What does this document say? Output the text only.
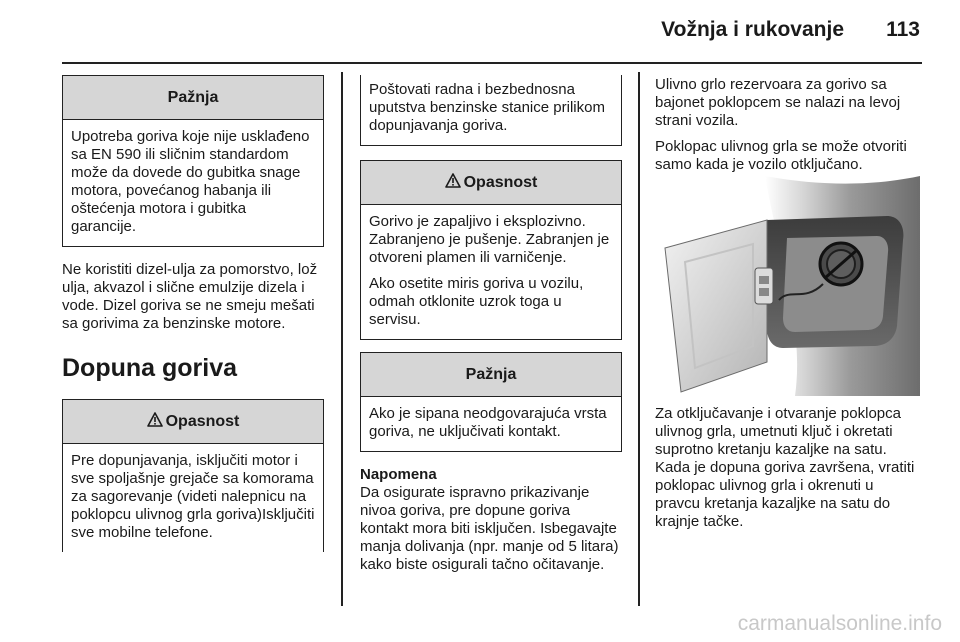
Vožnja i rukovanje 113
Pažnja

Upotreba goriva koje nije usklađeno sa EN 590 ili sličnim standardom može da dovede do gubitka snage motora, povećanog habanja ili oštećenja motora i gubitka garancije.

Ne koristiti dizel-ulja za pomorstvo, lož ulja, akvazol i slične emulzije dizela i vode. Dizel goriva se ne smeju mešati sa gorivima za benzinske motore.

Dopuna goriva
Opasnost

Pre dopunjavanja, isključiti motor i sve spoljašnje grejače sa komorama za sagorevanje (videti nalepnicu na poklopcu ulivnog grla goriva)Isključiti sve mobilne telefone.

Poštovati radna i bezbednosna uputstva benzinske stanice prilikom dopunjavanja goriva.

Opasnost

Gorivo je zapaljivo i eksplozivno. Zabranjeno je pušenje. Zabranjen je otvoreni plamen ili varničenje.

Ako osetite miris goriva u vozilu, odmah otklonite uzrok toga u servisu.

Pažnja

Ako je sipana neodgovarajuća vrsta goriva, ne uključivati kontakt.

Napomena

Da osigurate ispravno prikazivanje nivoa goriva, pre dopune goriva kontakt mora biti isključen. Isbegavajte manja dolivanja (npr. manje od 5 litara) kako biste osigurali tačno očitavanje.

Ulivno grlo rezervoara za gorivo sa bajonet poklopcem se nalazi na levoj strani vozila.

Poklopac ulivnog grla se može otvoriti samo kada je vozilo otključano.

Za otključavanje i otvaranje poklopca ulivnog grla, umetnuti ključ i okretati suprotno kretanju kazaljke na satu. Kada je dopuna goriva završena, vratiti poklopac ulivnog grla i okrenuti u pravcu kretanja kazaljke na satu do krajnje tačke.

carmanualsonline.info
